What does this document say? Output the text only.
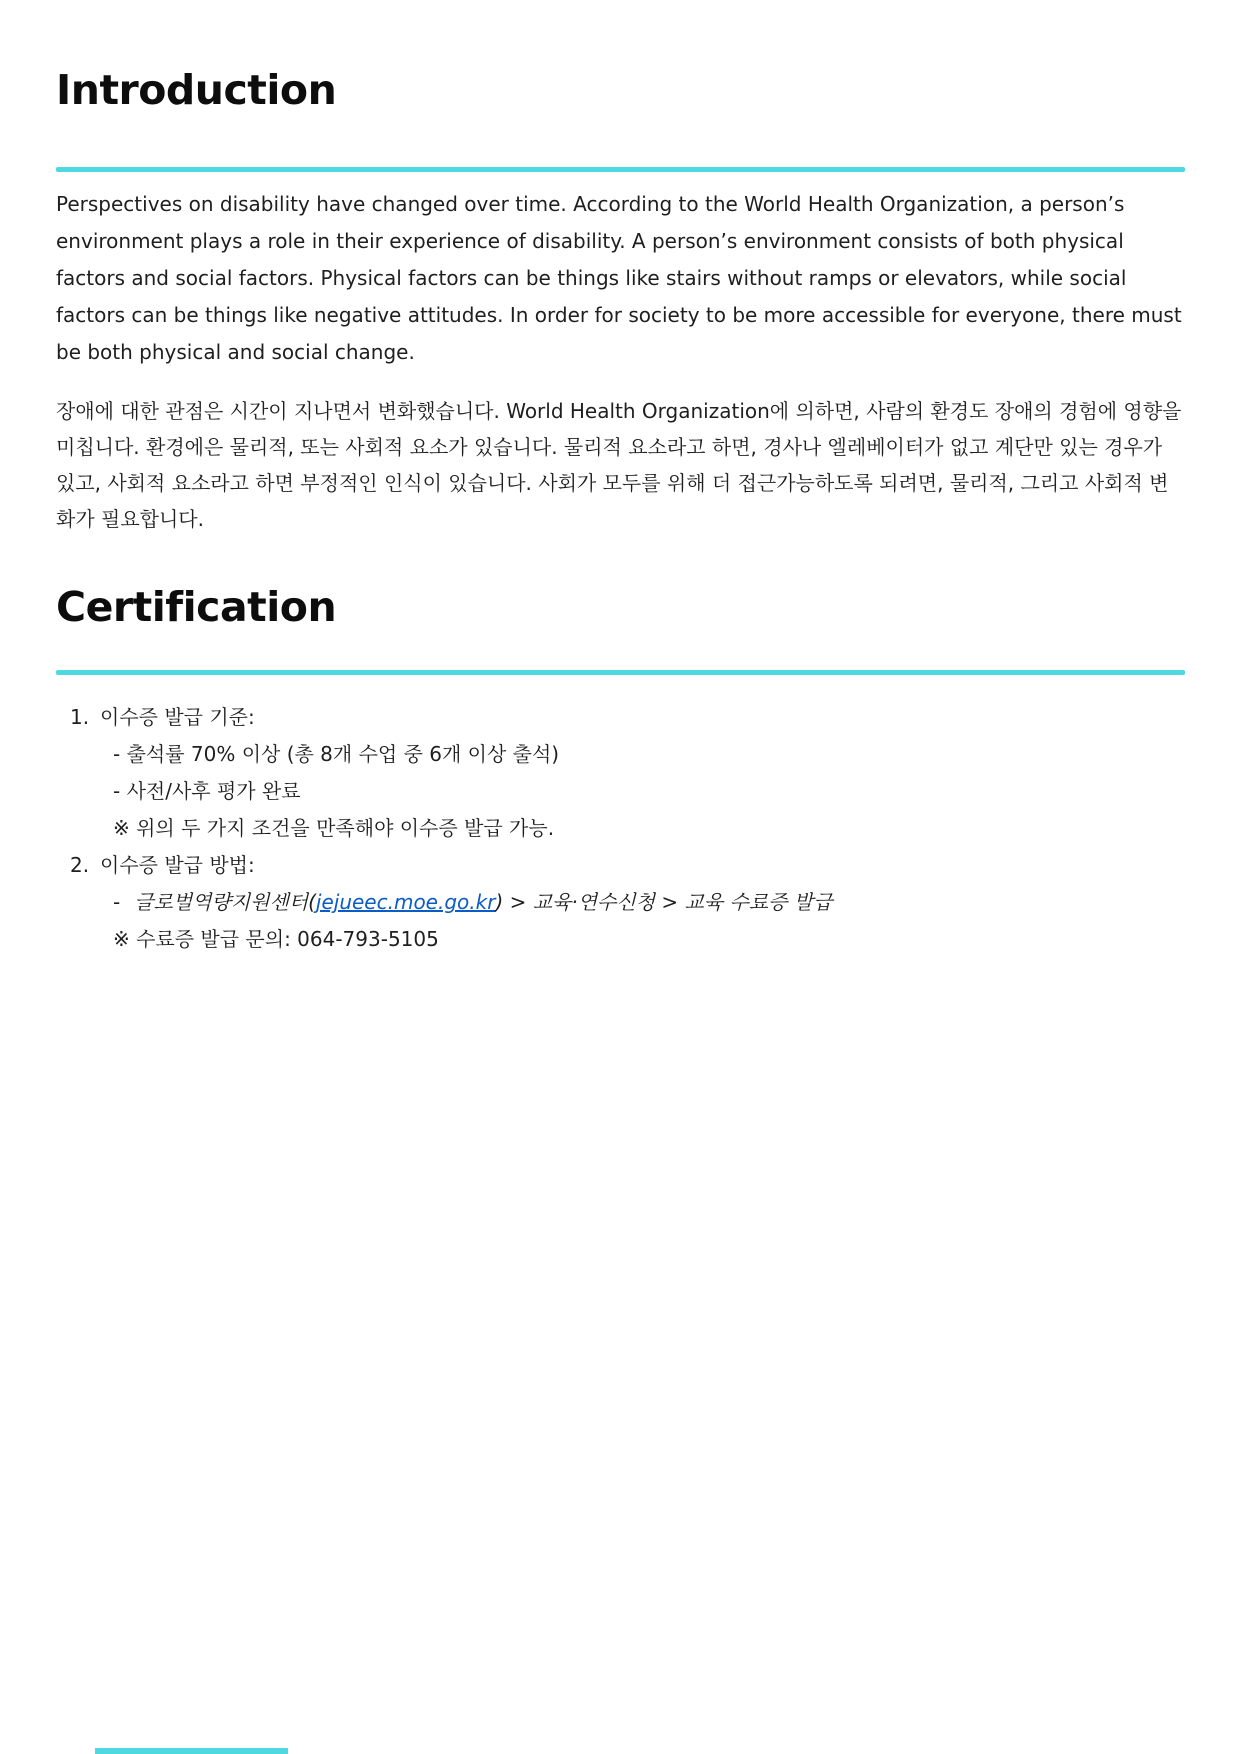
Introduction

Perspectives on disability have changed over time. According to the World Health Organization, a person’s environment plays a role in their experience of disability. A person’s environment consists of both physical factors and social factors. Physical factors can be things like stairs without ramps or elevators, while social factors can be things like negative attitudes. In order for society to be more accessible for everyone, there must be both physical and social change.

장애에 대한 관점은 시간이 지나면서 변화했습니다. World Health Organization에 의하면, 사람의 환경도 장애의 경험에 영향을 미칩니다. 환경에은 물리적, 또는 사회적 요소가 있습니다. 물리적 요소라고 하면, 경사나 엘레베이터가 없고 계단만 있는 경우가 있고, 사회적 요소라고 하면 부정적인 인식이 있습니다. 사회가 모두를 위해 더 접근가능하도록 되려면, 물리적, 그리고 사회적 변화가 필요합니다.

Certification
1. 이수증 발급 기준:
- 출석률 70% 이상 (총 8개 수업 중 6개 이상 출석)
- 사전/사후 평가 완료
※ 위의 두 가지 조건을 만족해야 이수증 발급 가능.
2. 이수증 발급 방법:
- 글로벌역량지원센터(jejueec.moe.go.kr) > 교육·연수신청 > 교육 수료증 발급
※ 수료증 발급 문의: 064-793-5105
